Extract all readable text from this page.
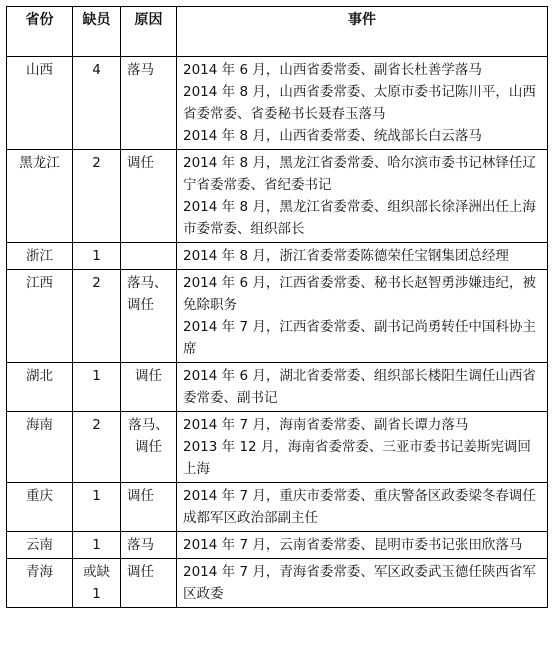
省份	缺员	原因	事件
山西	4	落马	2014 年 6 月，山西省委常委、副省长杜善学落马
2014 年 8 月，山西省委常委、太原市委书记陈川平，山西省委常委、省委秘书长聂春玉落马
2014 年 8 月，山西省委常委、统战部长白云落马

黑龙江	2	调任	2014 年 8 月，黑龙江省委常委、哈尔滨市委书记林铎任辽宁省委常委、省纪委书记
2014 年 8 月，黑龙江省委常委、组织部长徐泽洲出任上海市委常委、组织部长

浙江	1		2014 年 8 月，浙江省委常委陈德荣任宝钢集团总经理

江西	2	落马、调任	2014 年 6 月，江西省委常委、秘书长赵智勇涉嫌违纪，被免除职务
2014 年 7 月，江西省委常委、副书记尚勇转任中国科协主席

湖北	1	调任	2014 年 6 月，湖北省委常委、组织部长楼阳生调任山西省委常委、副书记

海南	2	落马、调任	2014 年 7 月，海南省委常委、副省长谭力落马
2013 年 12 月，海南省委常委、三亚市委书记姜斯宪调回上海

重庆	1	调任	2014 年 7 月，重庆市委常委、重庆警备区政委梁冬春调任成都军区政治部副主任

云南	1	落马	2014 年 7 月，云南省委常委、昆明市委书记张田欣落马

青海	或缺1	调任	2014 年 7 月，青海省委常委、军区政委武玉德任陕西省军区政委
